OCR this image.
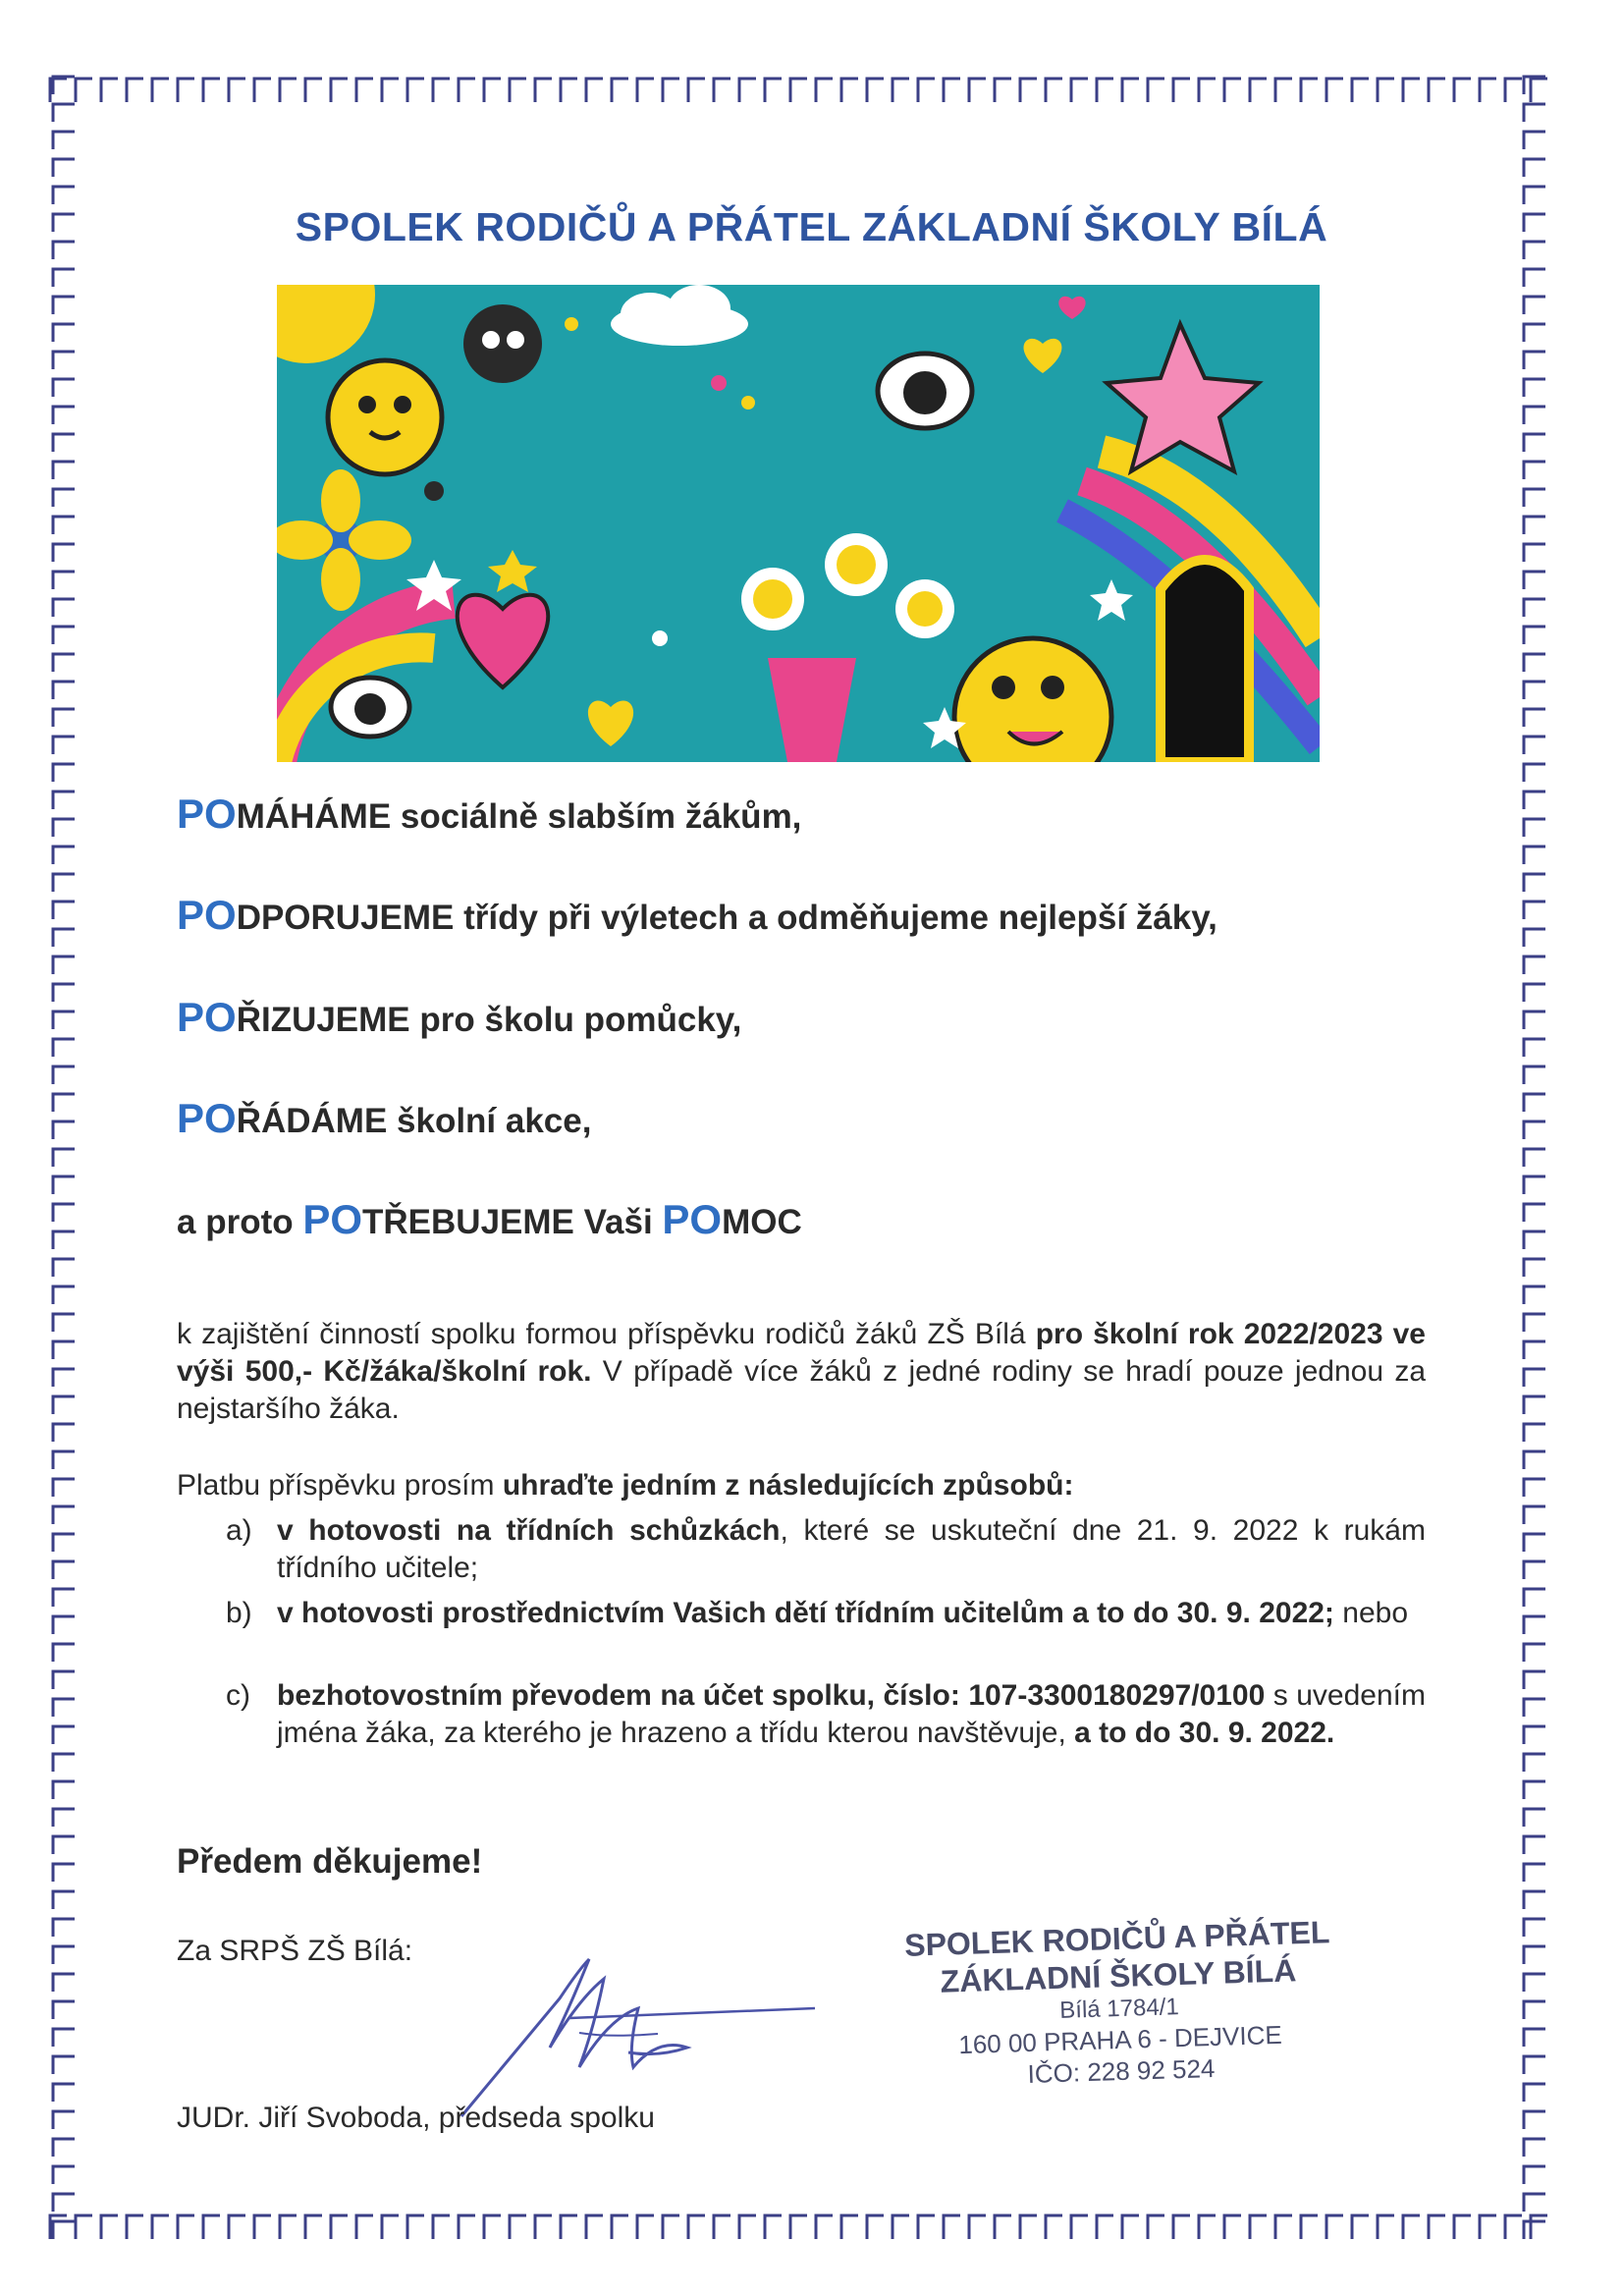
SPOLEK RODIČŮ A PŘÁTEL ZÁKLADNÍ ŠKOLY BÍLÁ
POMÁHÁME sociálně slabším žákům,
PODPORUJEME třídy při výletech a odměňujeme nejlepší žáky,
POŘIZUJEME pro školu pomůcky,
POŘÁDÁME školní akce,
a proto POTŘEBUJEME Vaši POMOC
k zajištění činností spolku formou příspěvku rodičů žáků ZŠ Bílá pro školní rok 2022/2023 ve výši 500,- Kč/žáka/školní rok. V případě více žáků z jedné rodiny se hradí pouze jednou za nejstaršího žáka.
Platbu příspěvku prosím uhraďte jedním z následujících způsobů:
a) v hotovosti na třídních schůzkách, které se uskuteční dne 21. 9. 2022 k rukám třídního učitele;
b) v hotovosti prostřednictvím Vašich dětí třídním učitelům a to do 30. 9. 2022; nebo
c) bezhotovostním převodem na účet spolku, číslo: 107-3300180297/0100 s uvedením jména žáka, za kterého je hrazeno a třídu kterou navštěvuje, a to do 30. 9. 2022.
Předem děkujeme!
Za SRPŠ ZŠ Bílá:
JUDr. Jiří Svoboda, předseda spolku
SPOLEK RODIČŮ A PŘÁTEL
ZÁKLADNÍ ŠKOLY BÍLÁ
Bílá 1784/1
160 00 PRAHA 6 - DEJVICE
IČO: 228 92 524
